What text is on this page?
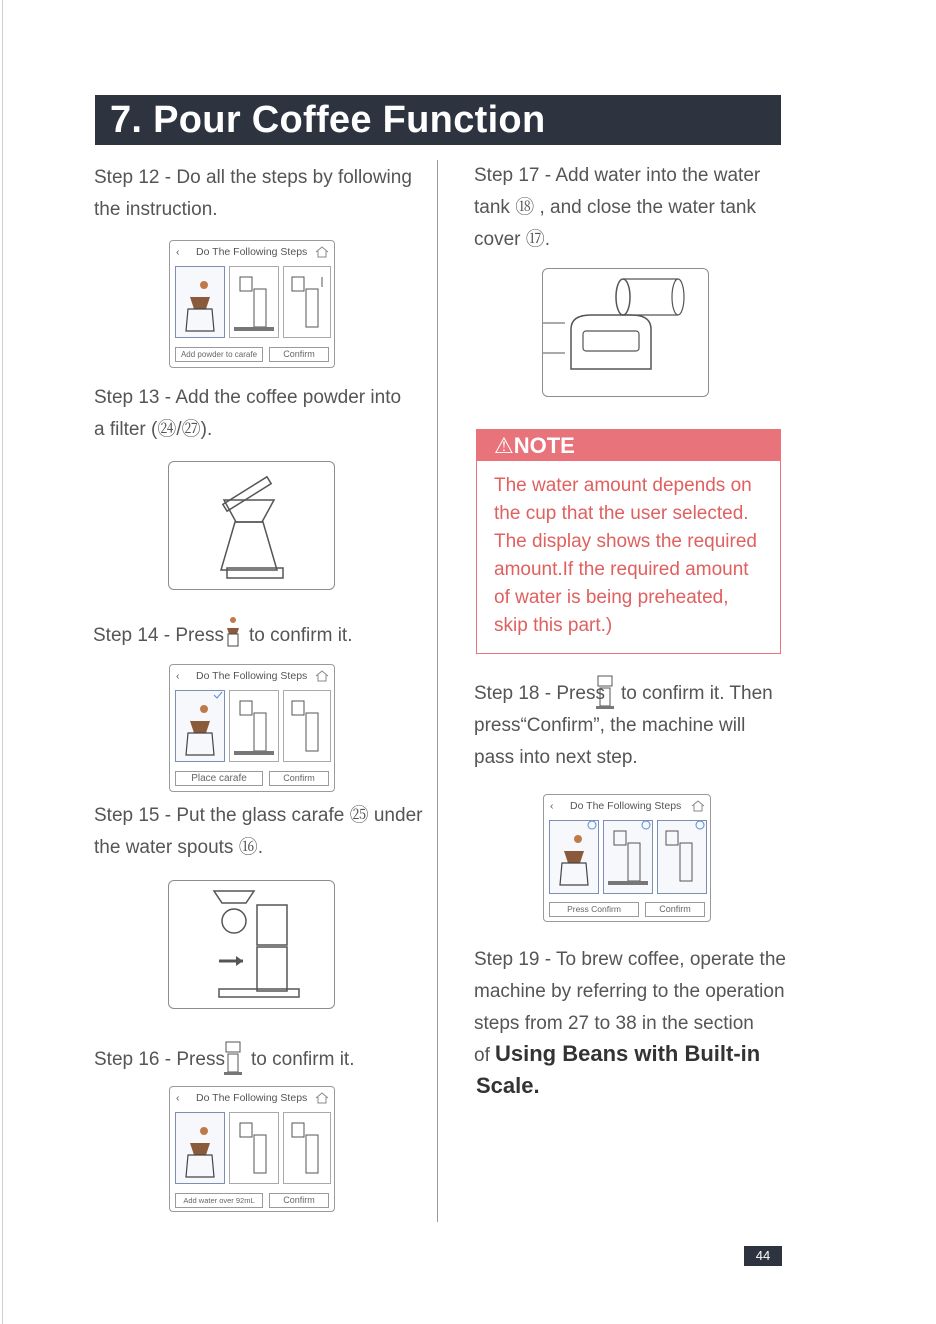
7. Pour Coffee Function
Step 12 - Do all the steps by following
the instruction.
‹ Do The Following Steps
Add powder to carafe	Confirm
Step 13 - Add the coffee powder into
a filter (㉔/㉗).
Step 14 - Press to confirm it.
‹ Do The Following Steps
Place carafe	Confirm
Step 15 - Put the glass carafe ㉕ under
the water spouts ⑯.
Step 16 - Press to confirm it.
‹ Do The Following Steps
Add water over 92mL	Confirm
Step 17 - Add water into the water
tank ⑱ , and close the water tank
cover ⑰.
⚠NOTE
The water amount depends on
the cup that the user selected.
The display shows the required
amount.If the required amount
of water is being preheated,
skip this part.)
Step 18 - Press to confirm it. Then
press“Confirm”, the machine will
pass into next step.
‹ Do The Following Steps
Press Confirm	Confirm
Step 19 - To brew coffee, operate the
machine by referring to the operation
steps from 27 to 38 in the section
of Using Beans with Built-in
Scale.
44
